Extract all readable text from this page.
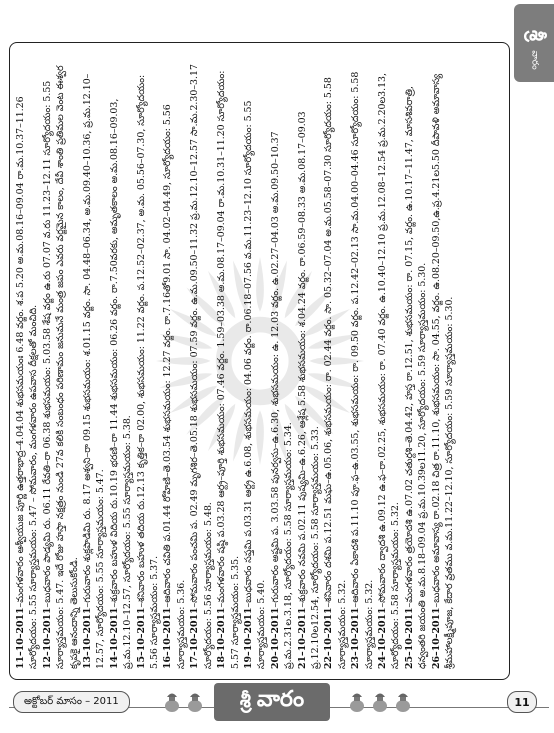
శ్రీ
వారం

11–10–2011–మంగళవారం ఆశ్వీయుజ పూర్ణి ఉత్తరాభాద్ర–4.04.04 శుభసమయంః 6.48 వర్జం. శ.ప 5.20 అ.మ.08.16–09.04 రా.మ.10.37–11.26 సూర్యోదయం: 5.55 సూర్యాస్తమయం: 5.47 – సోమవారం, మంగళవారం ఉపవాస దీక్షలతో మంచిది. 12–10–2011–బుధవారం పాడ్యమి రు. 06.11 రేవతి–రా 06.38 శుభసమయం: 5.03.58 శేష వర్జం ఉ.రు 07.07 వ.రు 11.23–12.11 సూర్యోదయం: 5.55 సూర్యాస్తమయం: 5.47. ఇదే రోజు హస్తా నక్షత్రం నుండి 27వ కలికి సంబంధం పరిణామం జనుమనే మంత్ర జపం ఎవరు వర్జమైన కాలం, దేవీ శాంతి ప్రతిమల వెంట ఈశ్వర కృపకై ఆనందాన్ని తెలుసుకోండి. 13–10–2011–గురువారం శుక్లపాడిమి రు. 8.17 అశ్వని–రా 09.15 శుభసమయం: శ.01.15 వర్జం. సా. 04.48–06.34, అ.మ.09.40–10.36, ప్ర.మ.12.10–12.57, సూర్యోదయం: 5.55 సూర్యాస్తమయం: 5.47. 14–10–2011–శుక్రవారం బహుళ విదియ రు.10.19 భరణి–రా 11.44 శుభసమయం: 06.26 వర్జం. రా.7.50వరకు, అమృతకాలం అ.మ.08.16–09.03, ప్ర.మ.12.10–12.57, సూర్యోదయం: 5.55 సూర్యాస్తమయం: 5.38. 15–10–2011–శనివారం బహుళ తదియ రు.12.13 కృత్తిక–రా 02.00, శుభసమయం: 11.22 వర్జం. ప.12.52–02.37, అ.మ. 05.56–07.30, సూర్యోదయం: 5.56 సూర్యాస్తమయం: 5.37. 16–10–2011–ఆదివారం చవితి ప.01.44 రోహిణి–తె.03.54 శుభసమయం: 12.27 వర్జం. రా.7.16తో9.01 సా. 04.02–04.49, సూర్యోదయం: 5.56 సూర్యాస్తమయం: 5.36. 17–10–2011–సోమవారం పంచమి ప. 02.49 మృగశిర–తె.05.18 శుభసమయం: 07.59 వర్జం. ఉ.మ.09.50–11.32 ప్ర.మ.12.10–12.57 సా.మ.2.30–3.17 సూర్యోదయం: 5.56 సూర్యాస్తమయం: 5.48. 18–10–2011–మంగళవారం షష్ఠి ప.03.28 ఆర్ద్ర–పూర్తి శుభసమయం: 07.46 వర్జం. 1.59–03.38 అ.మ.08.17–09.04 రా.మ.10.31–11.20 సూర్యోదయం: 5.57 సూర్యాస్తమయం: 5.35. 19–10–2011–బుధవారం సప్తమి ప.03.31 ఆర్ద్ర ఉ.6.08, శుభసమయం: 04.06 వర్జం. రా.06.18–07.56 వ.మ.11.23–12.10 సూర్యోదయం: 5.55 సూర్యాస్తమయం: 5.40. 20–10–2011–గురువారం అష్టమి ప. 3.03.58 పునర్వసు–ఉ.6.30, శుభసమయం: ఉ. 12.03 వర్జం. ఉ.02.27–04.03 అ.మ.09.50–10.37 ప్ర.మ.2.31ల.3.18, సూర్యోదయం: 5.58 సూర్యాస్తమయం: 5.34. 21–10–2011–శుక్రవారం నవమి ప.02.11 పుష్యమి–ఉ.6.26, ఆశ్లేష 5.58 శుభసమయం: శ.04.24 వర్జం. రా.06.59–08.33 అ.మ.08.17–09.03 ప్ర.12.10ల12.54, సూర్యోదయం: 5.58 సూర్యాస్తమయం: 5.33. 22–10–2011–శనివారం దశమి ప.12.51 మఘ–ఉ.05.06, శుభసమయం: రా. 02.44 వర్జం. సా. 05.32–07.04 అ.మ.05.58–07.30 సూర్యోదయం: 5.58 సూర్యాస్తమయం: 5.32. 23–10–2011–ఆదివారం ఏకాదశి ప.11.10 పూ.ఫ–ఉ.03.55, శుభసమయం: రా. 09.50 వర్జం. ప.12.42–02.13 సా.మ.04.00–04.46 సూర్యోదయం: 5.58 సూర్యాస్తమయం: 5.32. 24–10–2011–సోమవారం ద్వాదశి ఉ.09.12 ఉ.ఫ–రా.02.25, శుభసమయం: రా. 07.40 వర్జం. ఉ.10.40–12.10 ప్ర.మ.12.08–12.54 ప్ర.మ.2.20ల3.13, సూర్యోదయం: 5.58 సూర్యాస్తమయం: 5.32. 25–10–2011–మంగళవారం త్రయోదశి ఉ.07.02 చతుర్దశి–తె.04.42, హస్త రా.12.51, శుభసమయం: రా. 07.15, వర్జం. ఉ.10.17–11.47, మాసశివరాత్రి, ధన్వంతరి జయంతి అ.మ.8.18–09.04 ప్ర.మ.10.39ల11.20, సూర్యోదయం: 5.59 సూర్యాస్తమయం: 5.30. 26–10–2011–బుధవారం అమావాస్య రా.02.18 చిత్ర రా.11.10, శుభసమయం: సా. 04.55, వర్జం. ఉ.08.20–09.50,ఉ.ప్ర.4.21ల5.50 దీపావళి అమావాస్య శ్రీమహాలక్ష్మీపూజ, కేదార వ్రతము వ.మ.11.22–12.10, సూర్యోదయం: 5.59 సూర్యాస్తమయం: 5.30.

అక్టోబర్ మాసం – 2011	శ్రీ వారం	11
